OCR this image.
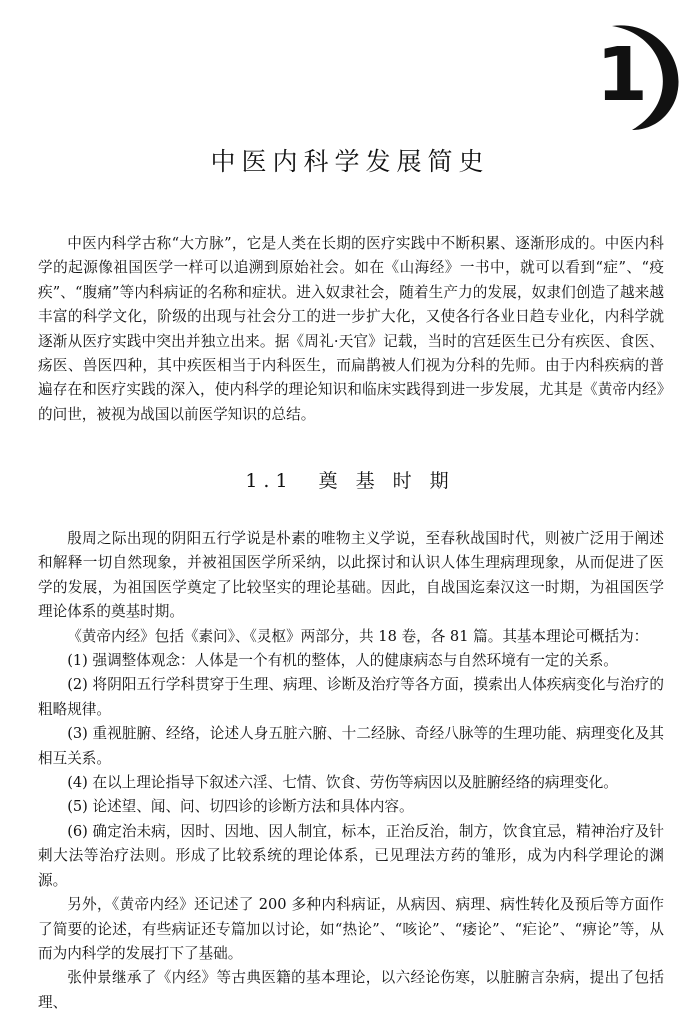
1
中医内科学发展简史

中医内科学古称“大方脉”，它是人类在长期的医疗实践中不断积累、逐渐形成的。中医内科学的起源像祖国医学一样可以追溯到原始社会。如在《山海经》一书中，就可以看到“症”、“疫疾”、“腹痛”等内科病证的名称和症状。进入奴隶社会，随着生产力的发展，奴隶们创造了越来越丰富的科学文化，阶级的出现与社会分工的进一步扩大化，又使各行各业日趋专业化，内科学就逐渐从医疗实践中突出并独立出来。据《周礼·天官》记载，当时的宫廷医生已分有疾医、食医、疡医、兽医四种，其中疾医相当于内科医生，而扁鹊被人们视为分科的先师。由于内科疾病的普遍存在和医疗实践的深入，使内科学的理论知识和临床实践得到进一步发展，尤其是《黄帝内经》的问世，被视为战国以前医学知识的总结。

1.1　奠 基 时 期

殷周之际出现的阴阳五行学说是朴素的唯物主义学说，至春秋战国时代，则被广泛用于阐述和解释一切自然现象，并被祖国医学所采纳，以此探讨和认识人体生理病理现象，从而促进了医学的发展，为祖国医学奠定了比较坚实的理论基础。因此，自战国迄秦汉这一时期，为祖国医学理论体系的奠基时期。

《黄帝内经》包括《素问》、《灵枢》两部分，共 18 卷，各 81 篇。其基本理论可概括为：

(1) 强调整体观念：人体是一个有机的整体，人的健康病态与自然环境有一定的关系。

(2) 将阴阳五行学科贯穿于生理、病理、诊断及治疗等各方面，摸索出人体疾病变化与治疗的粗略规律。

(3) 重视脏腑、经络，论述人身五脏六腑、十二经脉、奇经八脉等的生理功能、病理变化及其相互关系。

(4) 在以上理论指导下叙述六淫、七情、饮食、劳伤等病因以及脏腑经络的病理变化。

(5) 论述望、闻、问、切四诊的诊断方法和具体内容。

(6) 确定治未病，因时、因地、因人制宜，标本，正治反治，制方，饮食宜忌，精神治疗及针刺大法等治疗法则。形成了比较系统的理论体系，已见理法方药的雏形，成为内科学理论的渊源。

另外，《黄帝内经》还记述了 200 多种内科病证，从病因、病理、病性转化及预后等方面作了简要的论述，有些病证还专篇加以讨论，如“热论”、“咳论”、“痿论”、“疟论”、“痹论”等，从而为内科学的发展打下了基础。

张仲景继承了《内经》等古典医籍的基本理论，以六经论伤寒，以脏腑言杂病，提出了包括理、
